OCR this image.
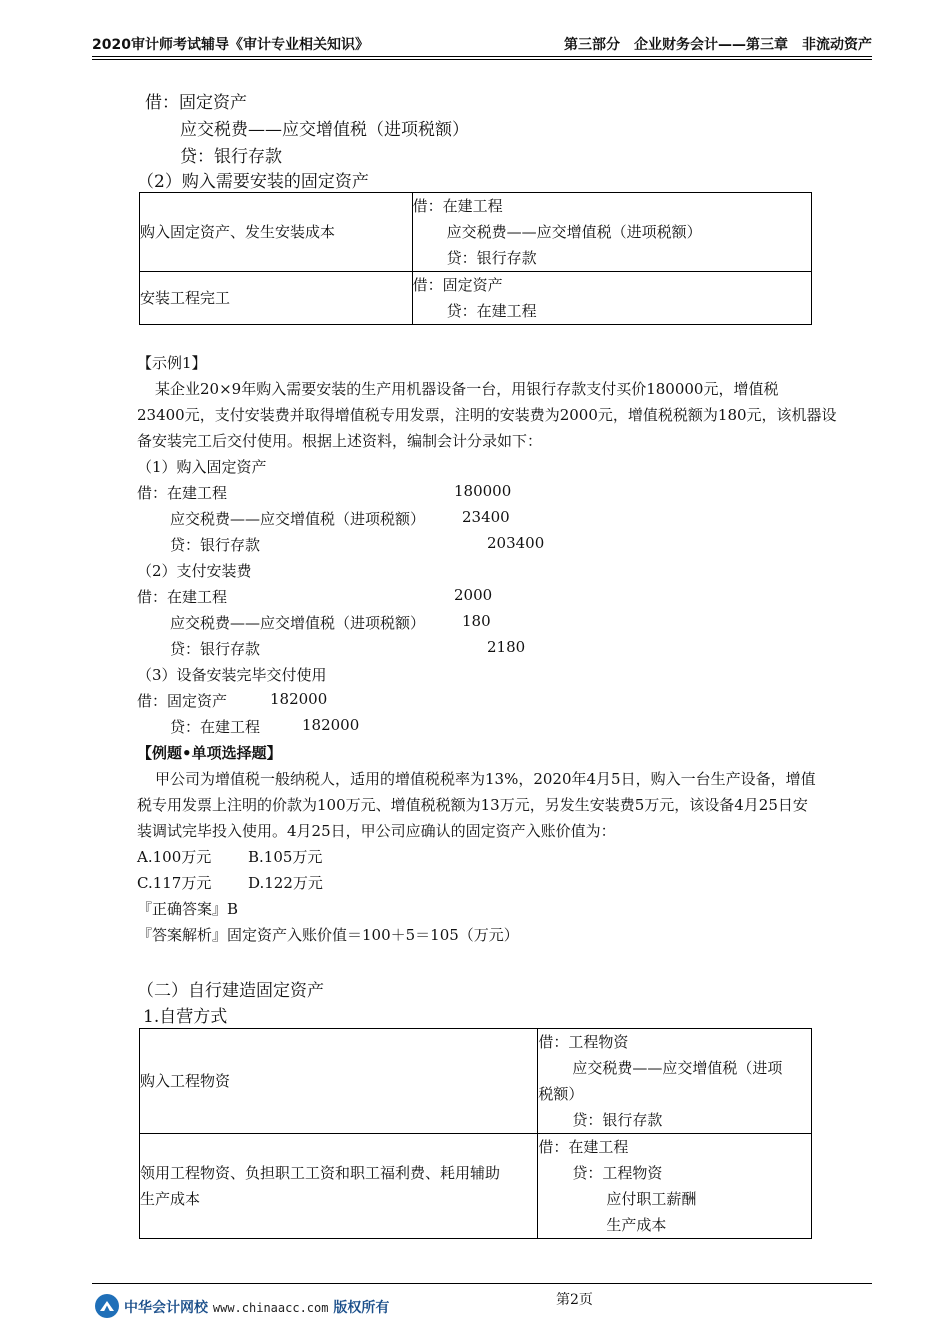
2020审计师考试辅导《审计专业相关知识》	第三部分　企业财务会计——第三章　非流动资产
借：固定资产
应交税费——应交增值税（进项税额）
贷：银行存款
（2）购入需要安装的固定资产
购入固定资产、发生安装成本	借：在建工程
应交税费——应交增值税（进项税额）
贷：银行存款

安装工程完工	借：固定资产
贷：在建工程
【示例1】
某企业20×9年购入需要安装的生产用机器设备一台，用银行存款支付买价180000元，增值税
23400元，支付安装费并取得增值税专用发票，注明的安装费为2000元，增值税税额为180元，该机器设
备安装完工后交付使用。根据上述资料，编制会计分录如下：
（1）购入固定资产
借：在建工程	180000
应交税费——应交增值税（进项税额） 23400
贷：银行存款	203400
（2）支付安装费
借：在建工程	2000
应交税费——应交增值税（进项税额） 180
贷：银行存款	2180
（3）设备安装完毕交付使用
借：固定资产	182000
贷：在建工程	182000
【例题•单项选择题】
甲公司为增值税一般纳税人，适用的增值税税率为13%，2020年4月5日，购入一台生产设备，增值
税专用发票上注明的价款为100万元、增值税税额为13万元，另发生安装费5万元，该设备4月25日安
装调试完毕投入使用。4月25日，甲公司应确认的固定资产入账价值为：
A.100万元 B.105万元
C.117万元 D.122万元
『正确答案』B
『答案解析』固定资产入账价值＝100＋5＝105（万元）
（二）自行建造固定资产
1.自营方式
购入工程物资	借：工程物资
应交税费——应交增值税（进项
税额）
贷：银行存款

领用工程物资、负担职工工资和职工福利费、耗用辅助
生产成本	借：在建工程
贷：工程物资
应付职工薪酬
生产成本
第2页
中华会计网校 www.chinaacc.com 版权所有
